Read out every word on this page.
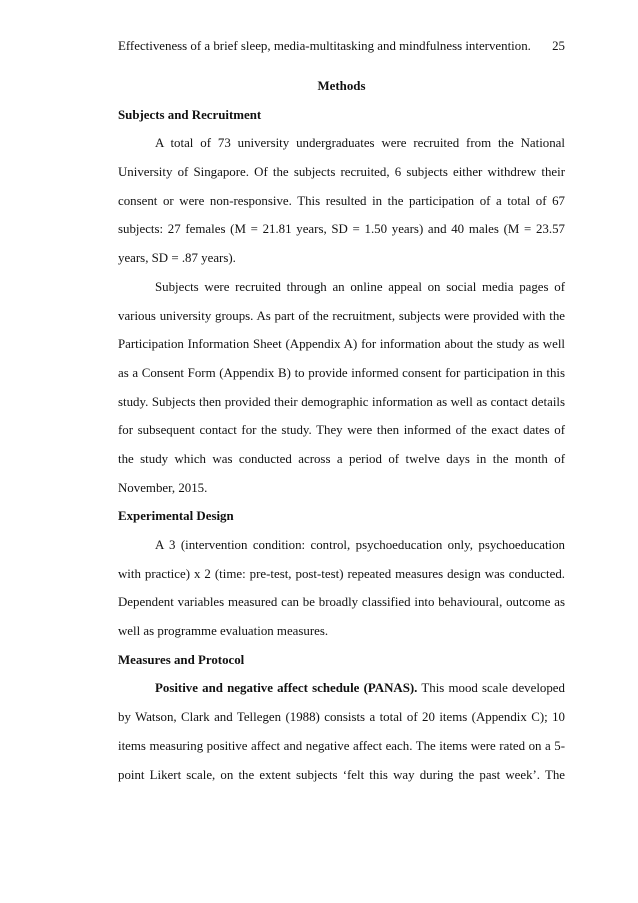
Effectiveness of a brief sleep, media-multitasking and mindfulness intervention. 25
Methods
Subjects and Recruitment
A total of 73 university undergraduates were recruited from the National
University of Singapore. Of the subjects recruited, 6 subjects either withdrew their
consent or were non-responsive. This resulted in the participation of a total of 67
subjects: 27 females (M = 21.81 years, SD = 1.50 years) and 40 males (M = 23.57
years, SD = .87 years).
Subjects were recruited through an online appeal on social media pages of
various university groups. As part of the recruitment, subjects were provided with the
Participation Information Sheet (Appendix A) for information about the study as well
as a Consent Form (Appendix B) to provide informed consent for participation in this
study. Subjects then provided their demographic information as well as contact details
for subsequent contact for the study. They were then informed of the exact dates of
the study which was conducted across a period of twelve days in the month of
November, 2015.
Experimental Design
A 3 (intervention condition: control, psychoeducation only, psychoeducation
with practice) x 2 (time: pre-test, post-test) repeated measures design was conducted.
Dependent variables measured can be broadly classified into behavioural, outcome as
well as programme evaluation measures.
Measures and Protocol
Positive and negative affect schedule (PANAS). This mood scale developed
by Watson, Clark and Tellegen (1988) consists a total of 20 items (Appendix C); 10
items measuring positive affect and negative affect each. The items were rated on a 5-
point Likert scale, on the extent subjects ‘felt this way during the past week’. The
